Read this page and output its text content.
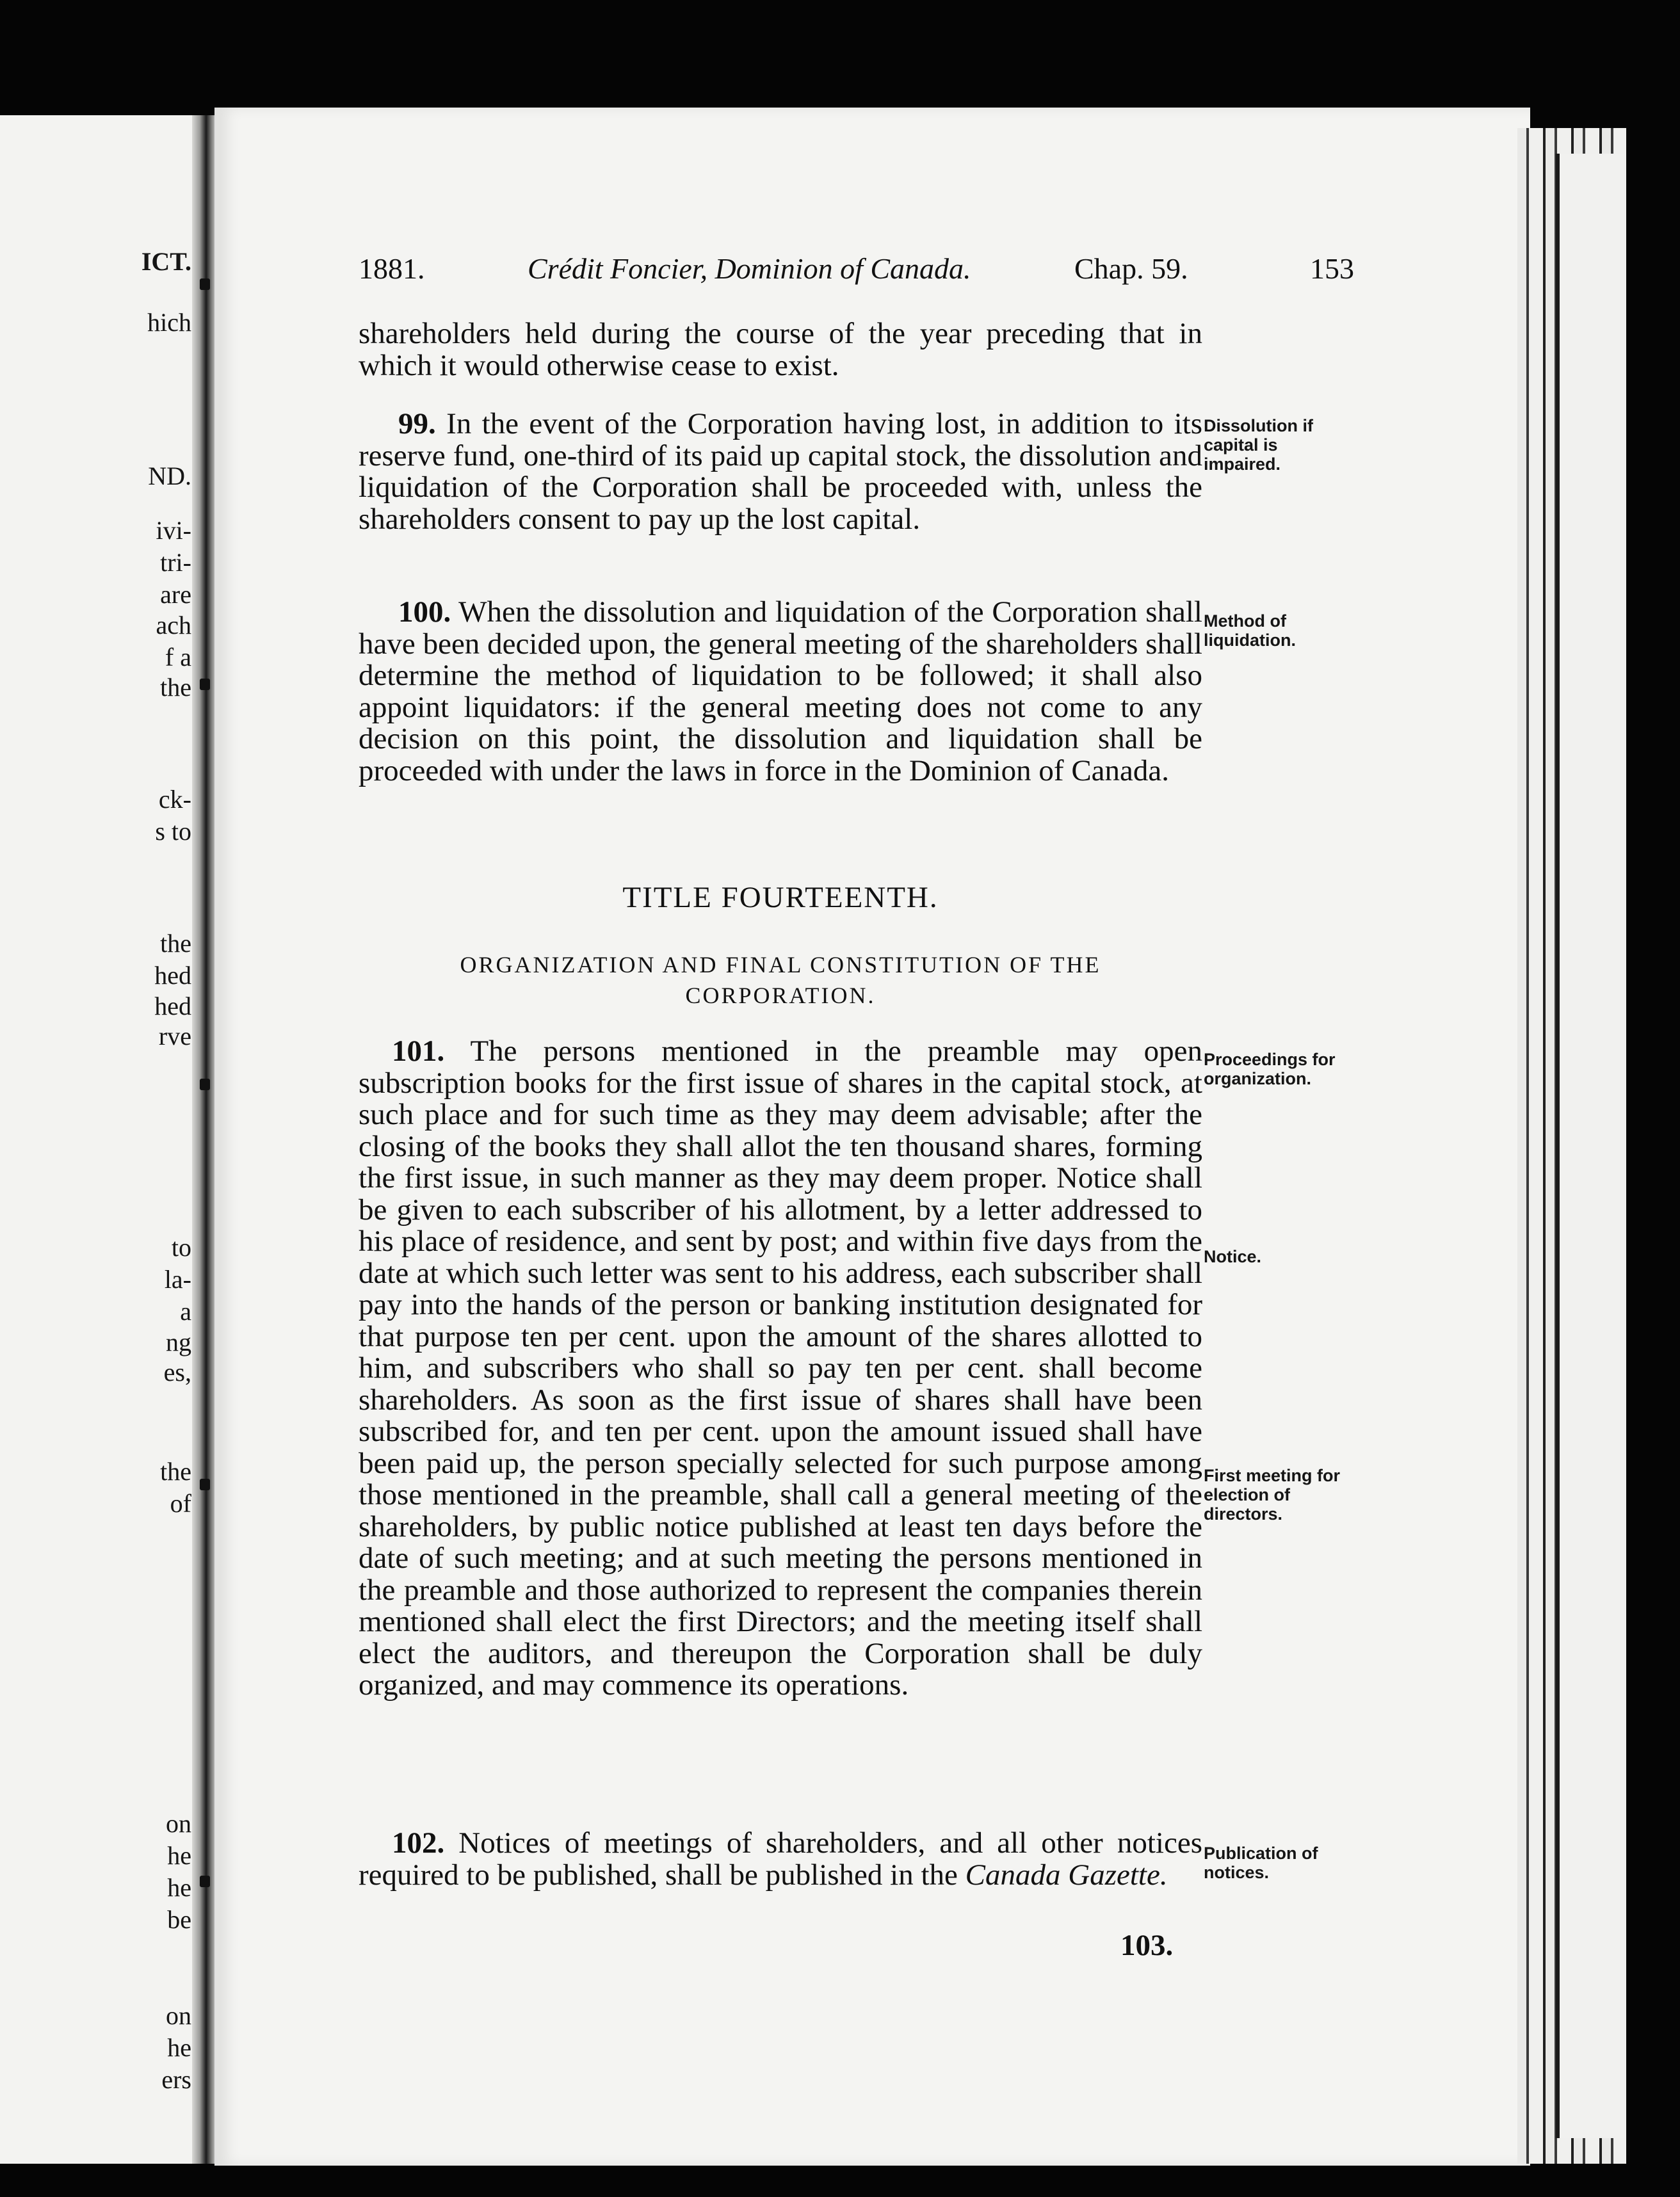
ICT.
hich
ND.
ivi-
tri-
are
ach
f a
the
ck-
s to
the
hed
hed
rve
to
la-
a
ng
es,
the
of
on
he
he
be
on
he
ers
1881.	Crédit Foncier, Dominion of Canada.	Chap. 59.	153
shareholders held during the course of the year preceding that in which it would otherwise cease to exist.
99. In the event of the Corporation having lost, in addition to its reserve fund, one-third of its paid up capital stock, the dissolution and liquidation of the Corporation shall be proceeded with, unless the shareholders consent to pay up the lost capital.
Dissolution if capital is impaired.
100. When the dissolution and liquidation of the Corporation shall have been decided upon, the general meeting of the shareholders shall determine the method of liquidation to be followed; it shall also appoint liquidators: if the general meeting does not come to any decision on this point, the dissolution and liquidation shall be proceeded with under the laws in force in the Dominion of Canada.
Method of liquidation.
TITLE FOURTEENTH.
ORGANIZATION AND FINAL CONSTITUTION OF THE
CORPORATION.
101. The persons mentioned in the preamble may open subscription books for the first issue of shares in the capital stock, at such place and for such time as they may deem advisable; after the closing of the books they shall allot the ten thousand shares, forming the first issue, in such manner as they may deem proper. Notice shall be given to each subscriber of his allotment, by a letter addressed to his place of residence, and sent by post; and within five days from the date at which such letter was sent to his address, each subscriber shall pay into the hands of the person or banking institution designated for that purpose ten per cent. upon the amount of the shares allotted to him, and subscribers who shall so pay ten per cent. shall become shareholders. As soon as the first issue of shares shall have been subscribed for, and ten per cent. upon the amount issued shall have been paid up, the person specially selected for such purpose among those mentioned in the preamble, shall call a general meeting of the shareholders, by public notice published at least ten days before the date of such meeting; and at such meeting the persons mentioned in the preamble and those authorized to represent the companies therein mentioned shall elect the first Directors; and the meeting itself shall elect the auditors, and thereupon the Corporation shall be duly organized, and may commence its operations.
Proceedings for organization.
Notice.
First meeting for election of directors.
102. Notices of meetings of shareholders, and all other notices required to be published, shall be published in the Canada Gazette.
Publication of notices.
103.
